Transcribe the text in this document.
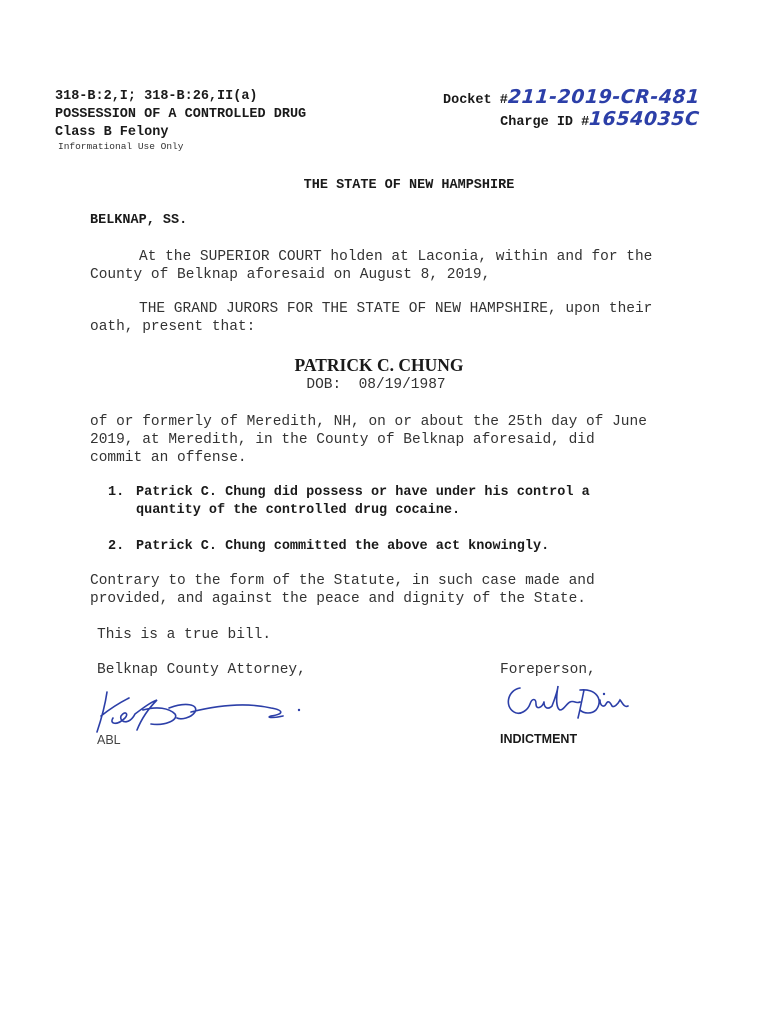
318-B:2,I; 318-B:26,II(a)
POSSESSION OF A CONTROLLED DRUG
Class B Felony
Informational Use Only
Docket # 211-2019-CR-481
Charge ID # 1654035C
THE STATE OF NEW HAMPSHIRE
BELKNAP, SS.
At the SUPERIOR COURT holden at Laconia, within and for the
County of Belknap aforesaid on August 8, 2019,
THE GRAND JURORS FOR THE STATE OF NEW HAMPSHIRE, upon their
oath, present that:
PATRICK C. CHUNG
DOB: 08/19/1987
of or formerly of Meredith, NH, on or about the 25th day of June
2019, at Meredith, in the County of Belknap aforesaid, did
commit an offense.
1. Patrick C. Chung did possess or have under his control a
quantity of the controlled drug cocaine.
2. Patrick C. Chung committed the above act knowingly.
Contrary to the form of the Statute, in such case made and
provided, and against the peace and dignity of the State.
This is a true bill.
Belknap County Attorney,	Foreperson,
ABL	INDICTMENT
